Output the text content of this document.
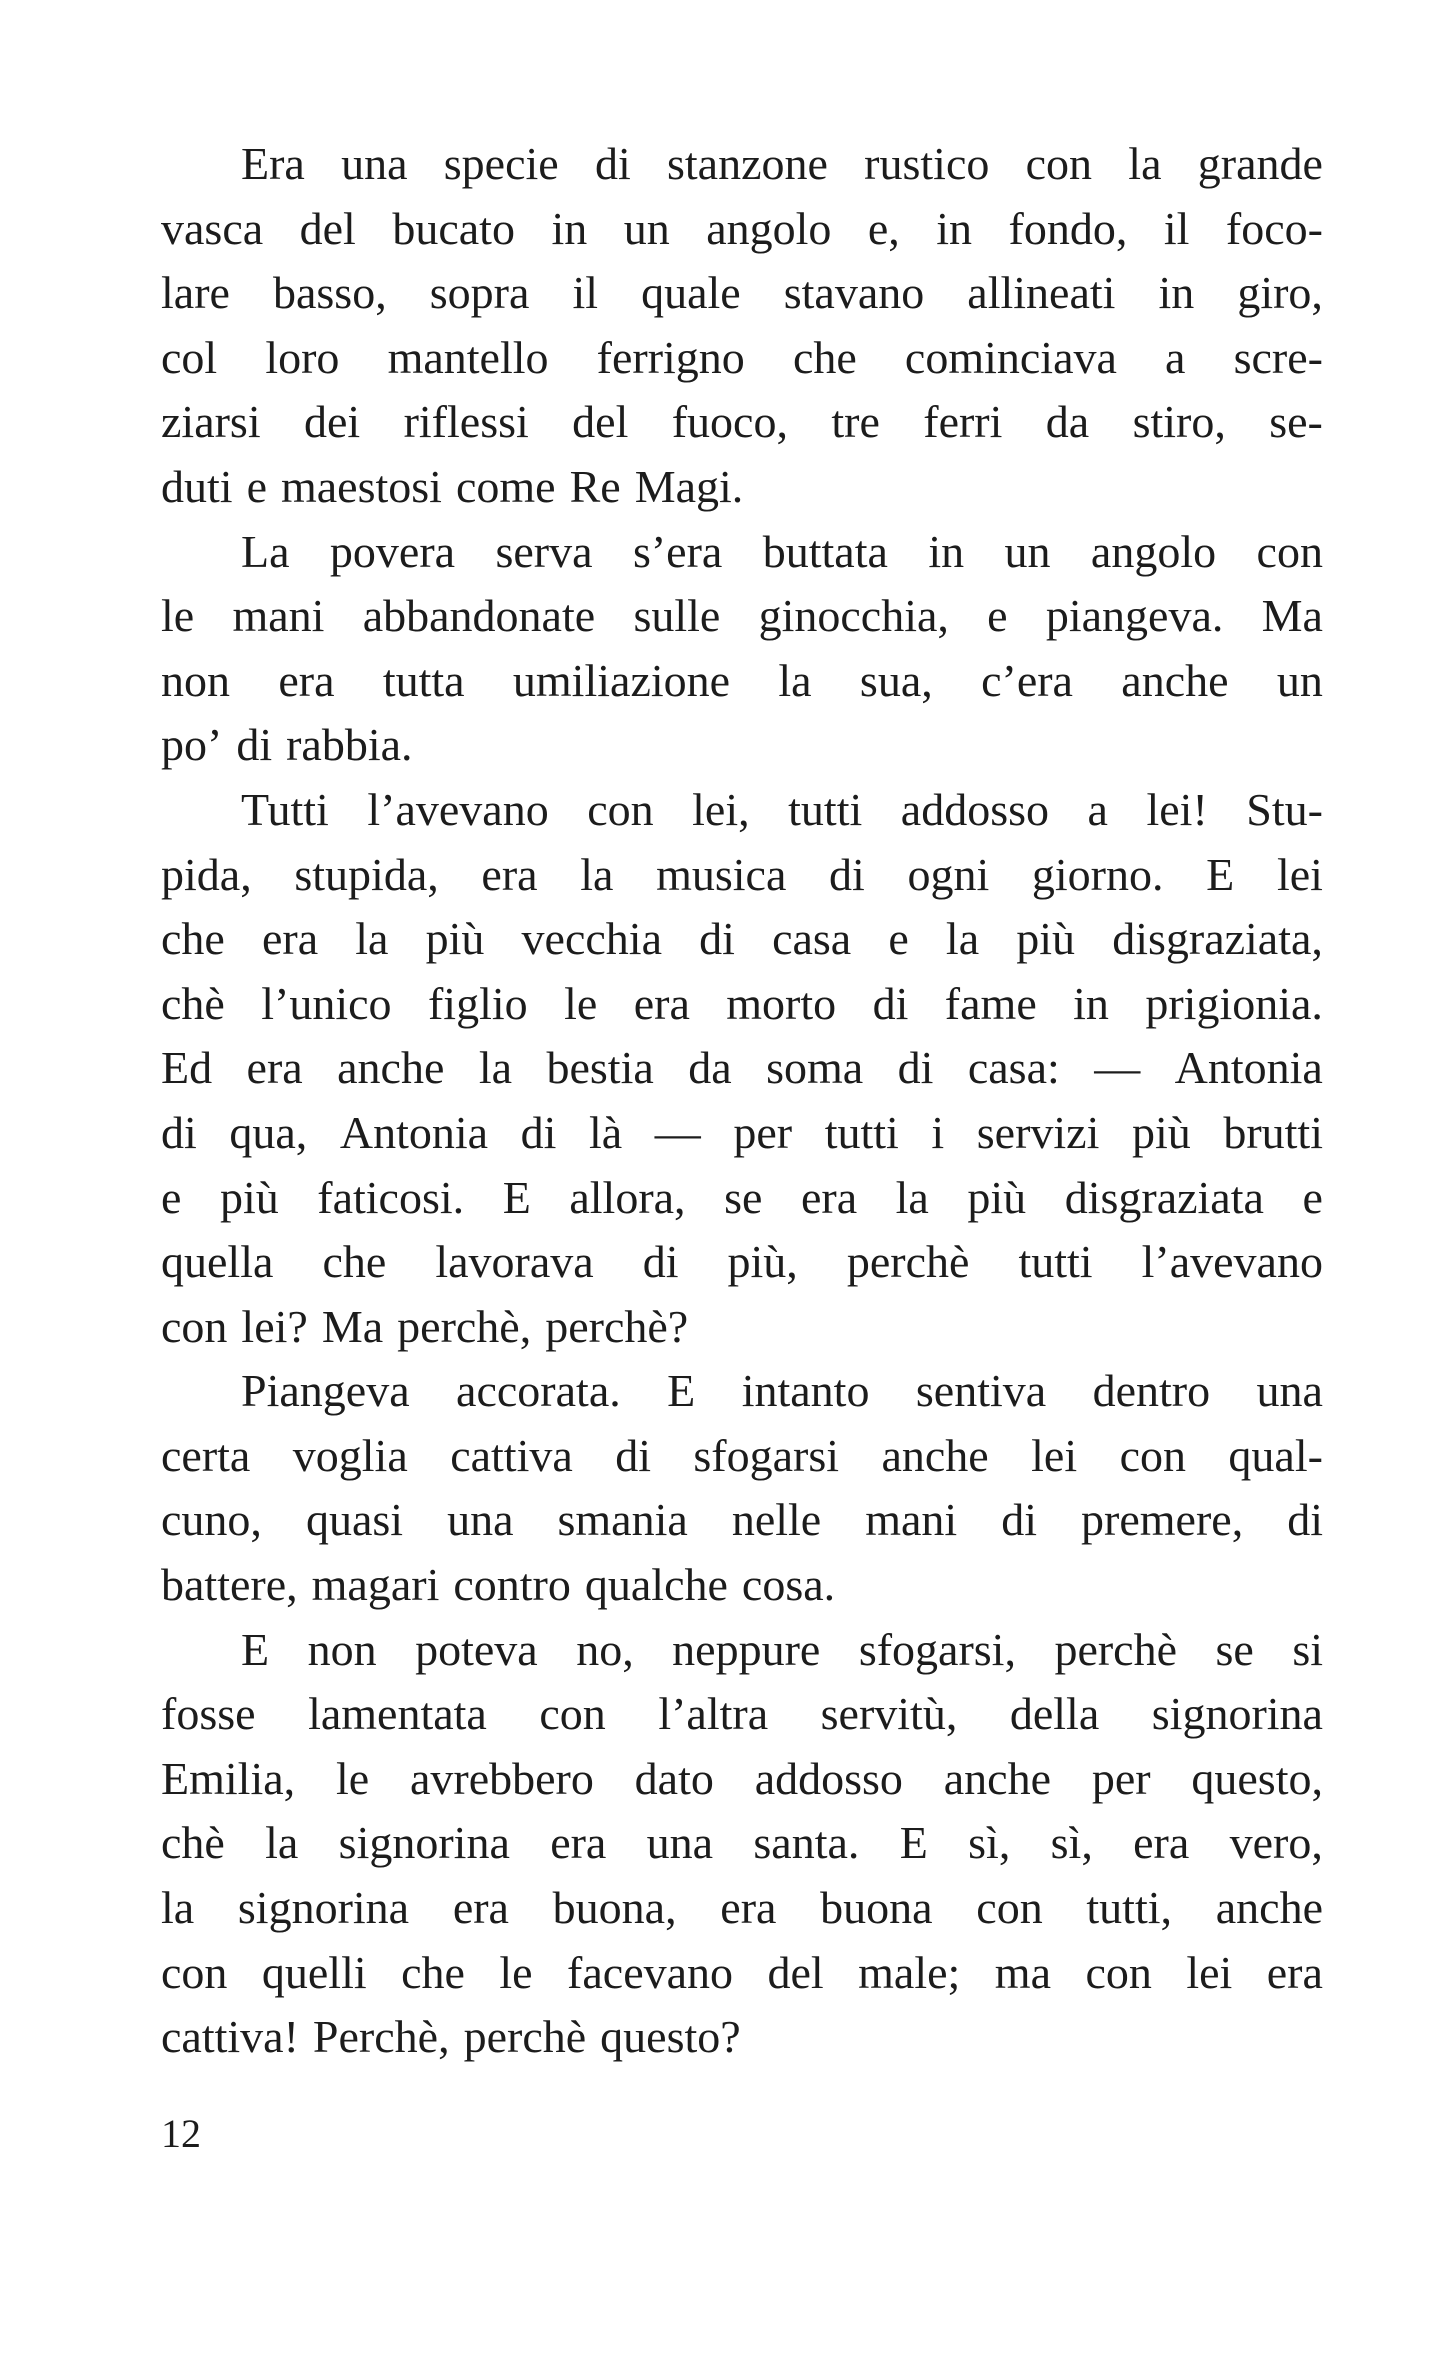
Era una specie di stanzone rustico con la grande
vasca del bucato in un angolo e, in fondo, il foco-
lare basso, sopra il quale stavano allineati in giro,
col loro mantello ferrigno che cominciava a scre-
ziarsi dei riflessi del fuoco, tre ferri da stiro, se-
duti e maestosi come Re Magi.
La povera serva s’era buttata in un angolo con
le mani abbandonate sulle ginocchia, e piangeva. Ma
non era tutta umiliazione la sua, c’era anche un
po’ di rabbia.
Tutti l’avevano con lei, tutti addosso a lei! Stu-
pida, stupida, era la musica di ogni giorno. E lei
che era la più vecchia di casa e la più disgraziata,
chè l’unico figlio le era morto di fame in prigionia.
Ed era anche la bestia da soma di casa: — Antonia
di qua, Antonia di là — per tutti i servizi più brutti
e più faticosi. E allora, se era la più disgraziata e
quella che lavorava di più, perchè tutti l’avevano
con lei? Ma perchè, perchè?
Piangeva accorata. E intanto sentiva dentro una
certa voglia cattiva di sfogarsi anche lei con qual-
cuno, quasi una smania nelle mani di premere, di
battere, magari contro qualche cosa.
E non poteva no, neppure sfogarsi, perchè se si
fosse lamentata con l’altra servitù, della signorina
Emilia, le avrebbero dato addosso anche per questo,
chè la signorina era una santa. E sì, sì, era vero,
la signorina era buona, era buona con tutti, anche
con quelli che le facevano del male; ma con lei era
cattiva! Perchè, perchè questo?
12
